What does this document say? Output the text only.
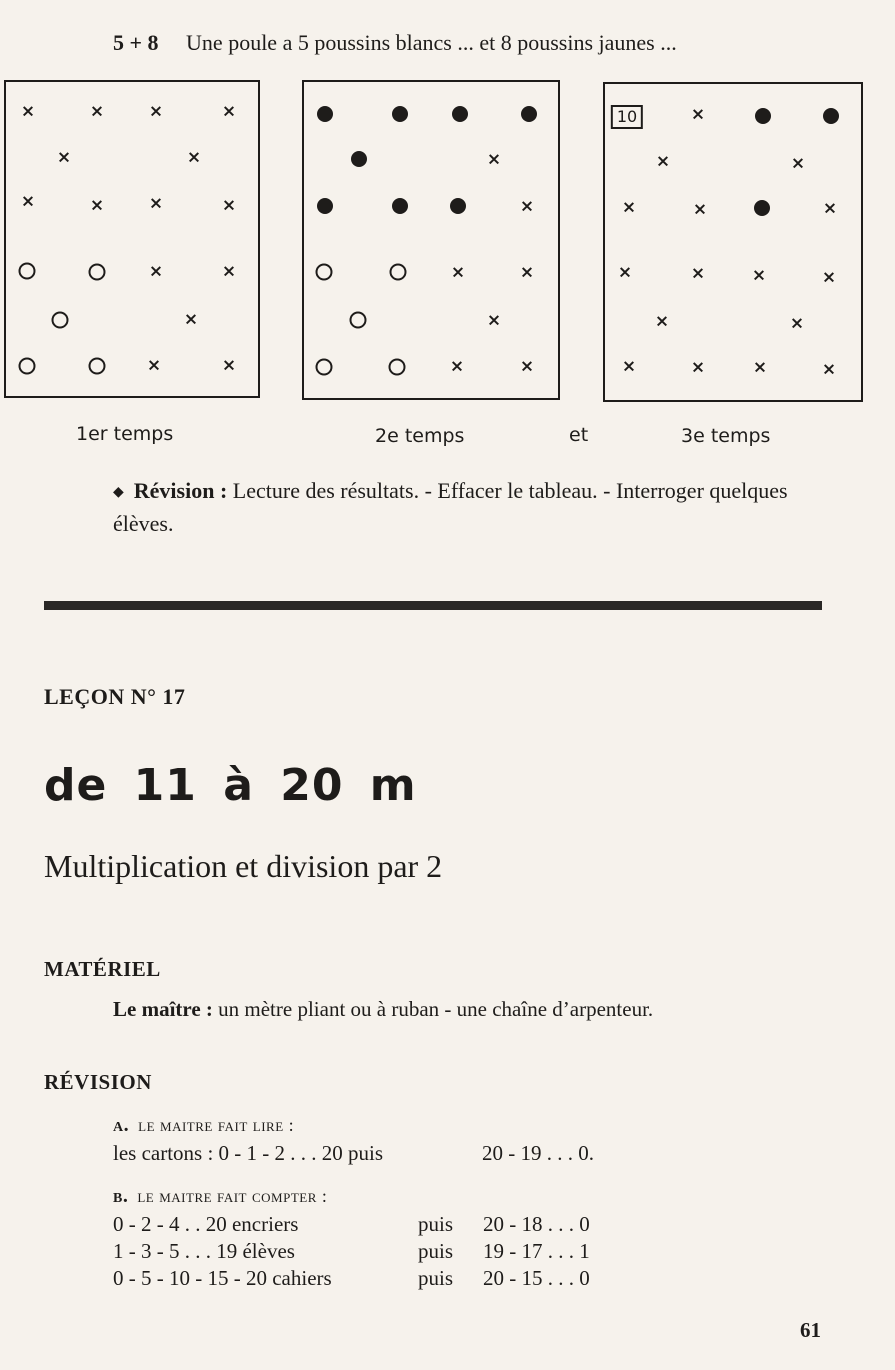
5 + 8 Une poule a 5 poussins blancs ... et 8 poussins jaunes ...
×	×	×	×
×	×
×	×	×	×
×	×
×
×	×
×
×
×	×
×
×	×
10	×
×	×
×	×	×
×	×	×	×
×	×
×	×	×	×
1er temps	2e temps	et	3e temps
◆ Révision : Lecture des résultats. - Effacer le tableau. - Interroger quelques élèves.
LEÇON N° 17
de 11 à 20 m
Multiplication et division par 2
MATÉRIEL
Le maître : un mètre pliant ou à ruban - une chaîne d’arpenteur.
RÉVISION
a. le maitre fait lire :
les cartons : 0 - 1 - 2 . . . 20 puis	20 - 19 . . . 0.
b. le maitre fait compter :
0 - 2 - 4 . . 20 encriers	puis 20 - 18 . . . 0
1 - 3 - 5 . . . 19 élèves	puis 19 - 17 . . . 1
0 - 5 - 10 - 15 - 20 cahiers	puis 20 - 15 . . . 0
61
